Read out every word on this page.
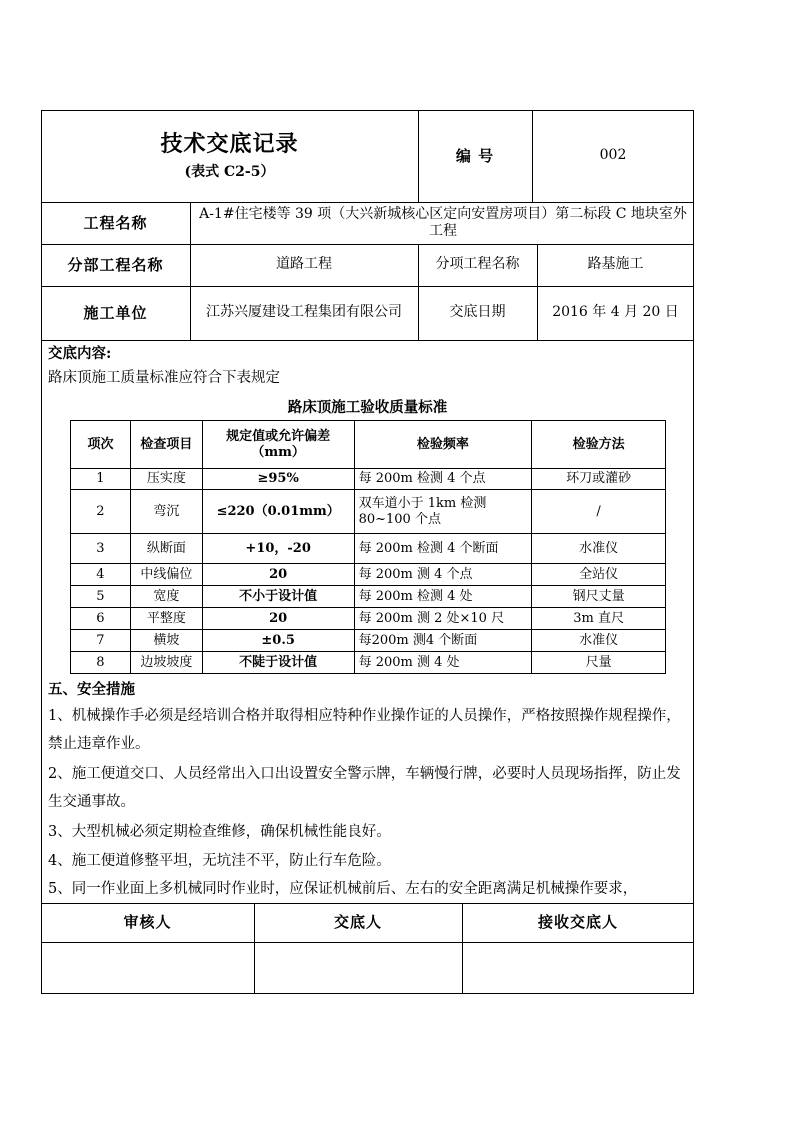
技术交底记录
(表式 C2-5）
编 号	002
工程名称
A-1#住宅楼等 39 项（大兴新城核心区定向安置房项目）第二标段 C 地块室外工程
分部工程名称	道路工程	分项工程名称	路基施工
施工单位	江苏兴厦建设工程集团有限公司	交底日期	2016 年 4 月 20 日
交底内容:
路床顶施工质量标准应符合下表规定
路床顶施工验收质量标准
项次	检查项目	规定值或允许偏差（mm）	检验频率	检验方法
1	压实度	≥95%	每 200m 检测 4 个点	环刀或灌砂
2	弯沉	≤220（0.01mm）	双车道小于 1km 检测 80~100 个点	/
3	纵断面	+10，-20	每 200m 检测 4 个断面	水准仪
4	中线偏位	20	每 200m 测 4 个点	全站仪
5	宽度	不小于设计值	每 200m 检测 4 处	钢尺丈量
6	平整度	20	每 200m 测 2 处×10 尺	3m 直尺
7	横坡	±0.5	每200m 测4 个断面	水准仪
8	边坡坡度	不陡于设计值	每 200m 测 4 处	尺量
五、安全措施
1、机械操作手必须是经培训合格并取得相应特种作业操作证的人员操作，严格按照操作规程操作，禁止违章作业。
2、施工便道交口、人员经常出入口出设置安全警示牌，车辆慢行牌，必要时人员现场指挥，防止发生交通事故。
3、大型机械必须定期检查维修，确保机械性能良好。
4、施工便道修整平坦，无坑洼不平，防止行车危险。
5、同一作业面上多机械同时作业时，应保证机械前后、左右的安全距离满足机械操作要求，
审核人	交底人	接收交底人
